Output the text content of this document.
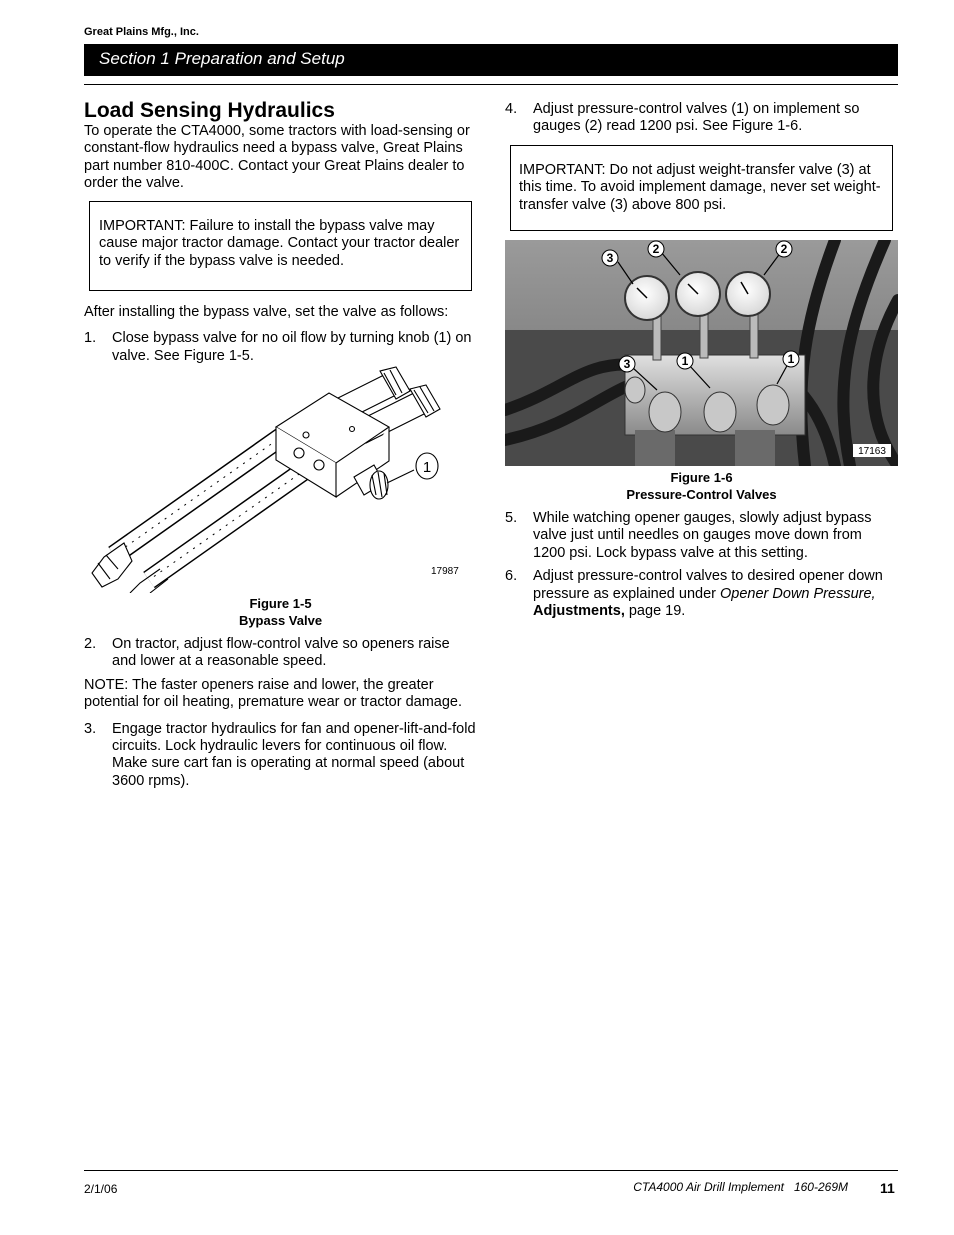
Great Plains Mfg., Inc.
Section 1 Preparation and Setup
Load Sensing Hydraulics

To operate the CTA4000, some tractors with load-sensing or constant-flow hydraulics need a bypass valve, Great Plains part number 810-400C. Contact your Great Plains dealer to order the valve.

IMPORTANT: Failure to install the bypass valve may cause major tractor damage. Contact your tractor dealer to verify if the bypass valve is needed.

After installing the bypass valve, set the valve as follows:

1. Close bypass valve for no oil flow by turning knob (1) on valve. See Figure 1-5.
1
17987
Figure 1-5
Bypass Valve
2. On tractor, adjust flow-control valve so openers raise and lower at a reasonable speed.

NOTE: The faster openers raise and lower, the greater potential for oil heating, premature wear or tractor damage.

3. Engage tractor hydraulics for fan and opener-lift-and-fold circuits. Lock hydraulic levers for continuous oil flow. Make sure cart fan is operating at normal speed (about 3600 rpms).
4. Adjust pressure-control valves (1) on implement so gauges (2) read 1200 psi. See Figure 1-6.
IMPORTANT: Do not adjust weight-transfer valve (3) at this time. To avoid implement damage, never set weight-transfer valve (3) above 800 psi.
3
2	2
3	1	1
17163
Figure 1-6
Pressure-Control Valves
5. While watching opener gauges, slowly adjust bypass valve just until needles on gauges move down from 1200 psi. Lock bypass valve at this setting.
6. Adjust pressure-control valves to desired opener down pressure as explained under Opener Down Pressure, Adjustments, page 19.
2/1/06	CTA4000 Air Drill Implement   160-269M 11
